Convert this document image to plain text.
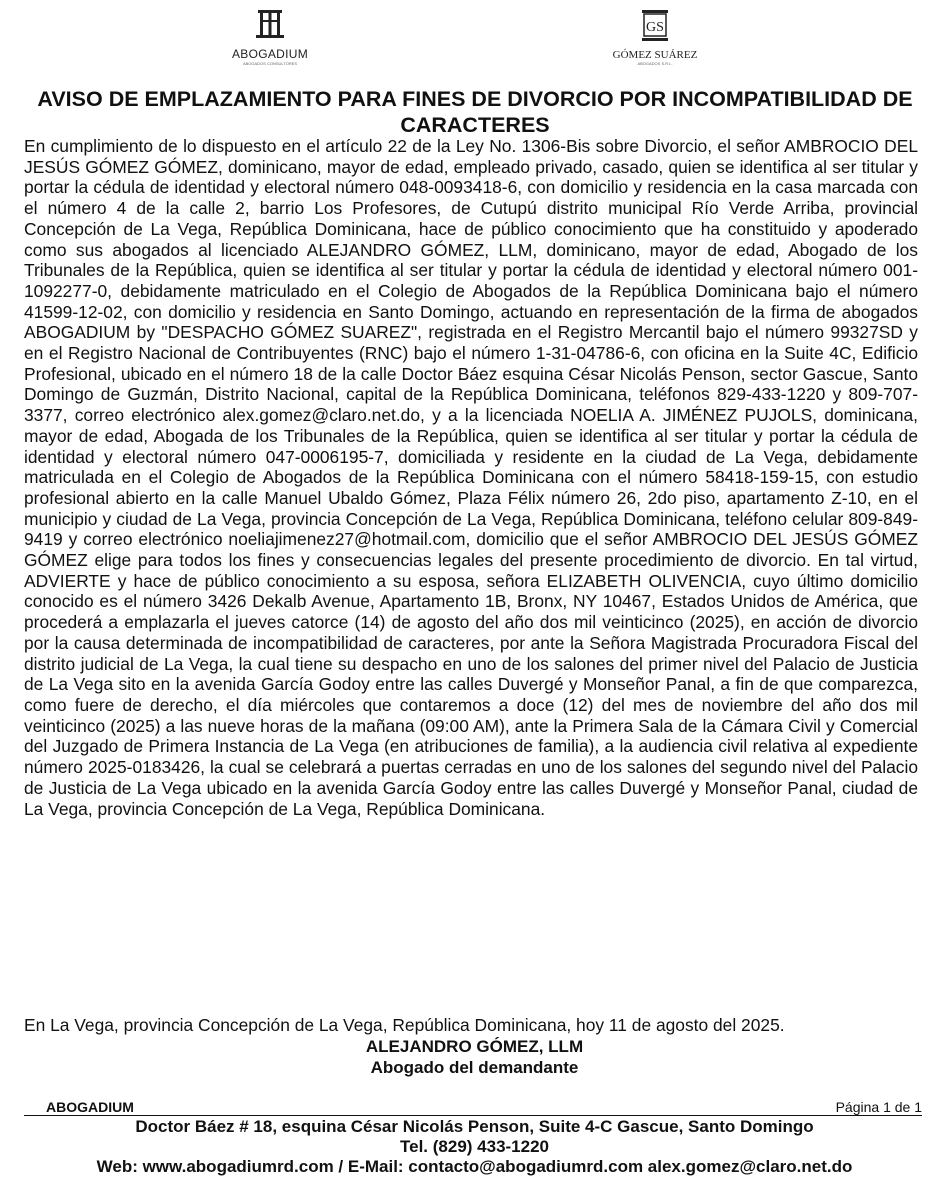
ABOGADIUM
ABOGADOS CONSULTORES
GS
GÓMEZ SUÁREZ
ABOGADOS S.R.L.
AVISO DE EMPLAZAMIENTO PARA FINES DE DIVORCIO POR INCOMPATIBILIDAD DE CARACTERES

En cumplimiento de lo dispuesto en el artículo 22 de la Ley No. 1306-Bis sobre Divorcio, el señor AMBROCIO DEL JESÚS GÓMEZ GÓMEZ, dominicano, mayor de edad, empleado privado, casado, quien se identifica al ser titular y portar la cédula de identidad y electoral número 048-0093418-6, con domicilio y residencia en la casa marcada con el número 4 de la calle 2, barrio Los Profesores, de Cutupú distrito municipal Río Verde Arriba, provincial Concepción de La Vega, República Dominicana, hace de público conocimiento que ha constituido y apoderado como sus abogados al licenciado ALEJANDRO GÓMEZ, LLM, dominicano, mayor de edad, Abogado de los Tribunales de la República, quien se identifica al ser titular y portar la cédula de identidad y electoral número 001-1092277-0, debidamente matriculado en el Colegio de Abogados de la República Dominicana bajo el número 41599-12-02, con domicilio y residencia en Santo Domingo, actuando en representación de la firma de abogados ABOGADIUM by "DESPACHO GÓMEZ SUAREZ", registrada en el Registro Mercantil bajo el número 99327SD y en el Registro Nacional de Contribuyentes (RNC) bajo el número 1-31-04786-6, con oficina en la Suite 4C, Edificio Profesional, ubicado en el número 18 de la calle Doctor Báez esquina César Nicolás Penson, sector Gascue, Santo Domingo de Guzmán, Distrito Nacional, capital de la República Dominicana, teléfonos 829-433-1220 y 809-707-3377, correo electrónico alex.gomez@claro.net.do, y a la licenciada NOELIA A. JIMÉNEZ PUJOLS, dominicana, mayor de edad, Abogada de los Tribunales de la República, quien se identifica al ser titular y portar la cédula de identidad y electoral número 047-0006195-7, domiciliada y residente en la ciudad de La Vega, debidamente matriculada en el Colegio de Abogados de la República Dominicana con el número 58418-159-15, con estudio profesional abierto en la calle Manuel Ubaldo Gómez, Plaza Félix número 26, 2do piso, apartamento Z-10, en el municipio y ciudad de La Vega, provincia Concepción de La Vega, República Dominicana, teléfono celular 809-849-9419 y correo electrónico noeliajimenez27@hotmail.com, domicilio que el señor AMBROCIO DEL JESÚS GÓMEZ GÓMEZ elige para todos los fines y consecuencias legales del presente procedimiento de divorcio. En tal virtud, ADVIERTE y hace de público conocimiento a su esposa, señora ELIZABETH OLIVENCIA, cuyo último domicilio conocido es el número 3426 Dekalb Avenue, Apartamento 1B, Bronx, NY 10467, Estados Unidos de América, que procederá a emplazarla el jueves catorce (14) de agosto del año dos mil veinticinco (2025), en acción de divorcio por la causa determinada de incompatibilidad de caracteres, por ante la Señora Magistrada Procuradora Fiscal del distrito judicial de La Vega, la cual tiene su despacho en uno de los salones del primer nivel del Palacio de Justicia de La Vega sito en la avenida García Godoy entre las calles Duvergé y Monseñor Panal, a fin de que comparezca, como fuere de derecho, el día miércoles que contaremos a doce (12) del mes de noviembre del año dos mil veinticinco (2025) a las nueve horas de la mañana (09:00 AM), ante la Primera Sala de la Cámara Civil y Comercial del Juzgado de Primera Instancia de La Vega (en atribuciones de familia), a la audiencia civil relativa al expediente número 2025-0183426, la cual se celebrará a puertas cerradas en uno de los salones del segundo nivel del Palacio de Justicia de La Vega ubicado en la avenida García Godoy entre las calles Duvergé y Monseñor Panal, ciudad de La Vega, provincia Concepción de La Vega, República Dominicana.

En La Vega, provincia Concepción de La Vega, República Dominicana, hoy 11 de agosto del 2025.

ALEJANDRO GÓMEZ, LLM
Abogado del demandante
ABOGADIUM	Página 1 de 1
Doctor Báez # 18, esquina César Nicolás Penson, Suite 4-C Gascue, Santo Domingo
Tel. (829) 433-1220
Web: www.abogadiumrd.com / E-Mail: contacto@abogadiumrd.com alex.gomez@claro.net.do
